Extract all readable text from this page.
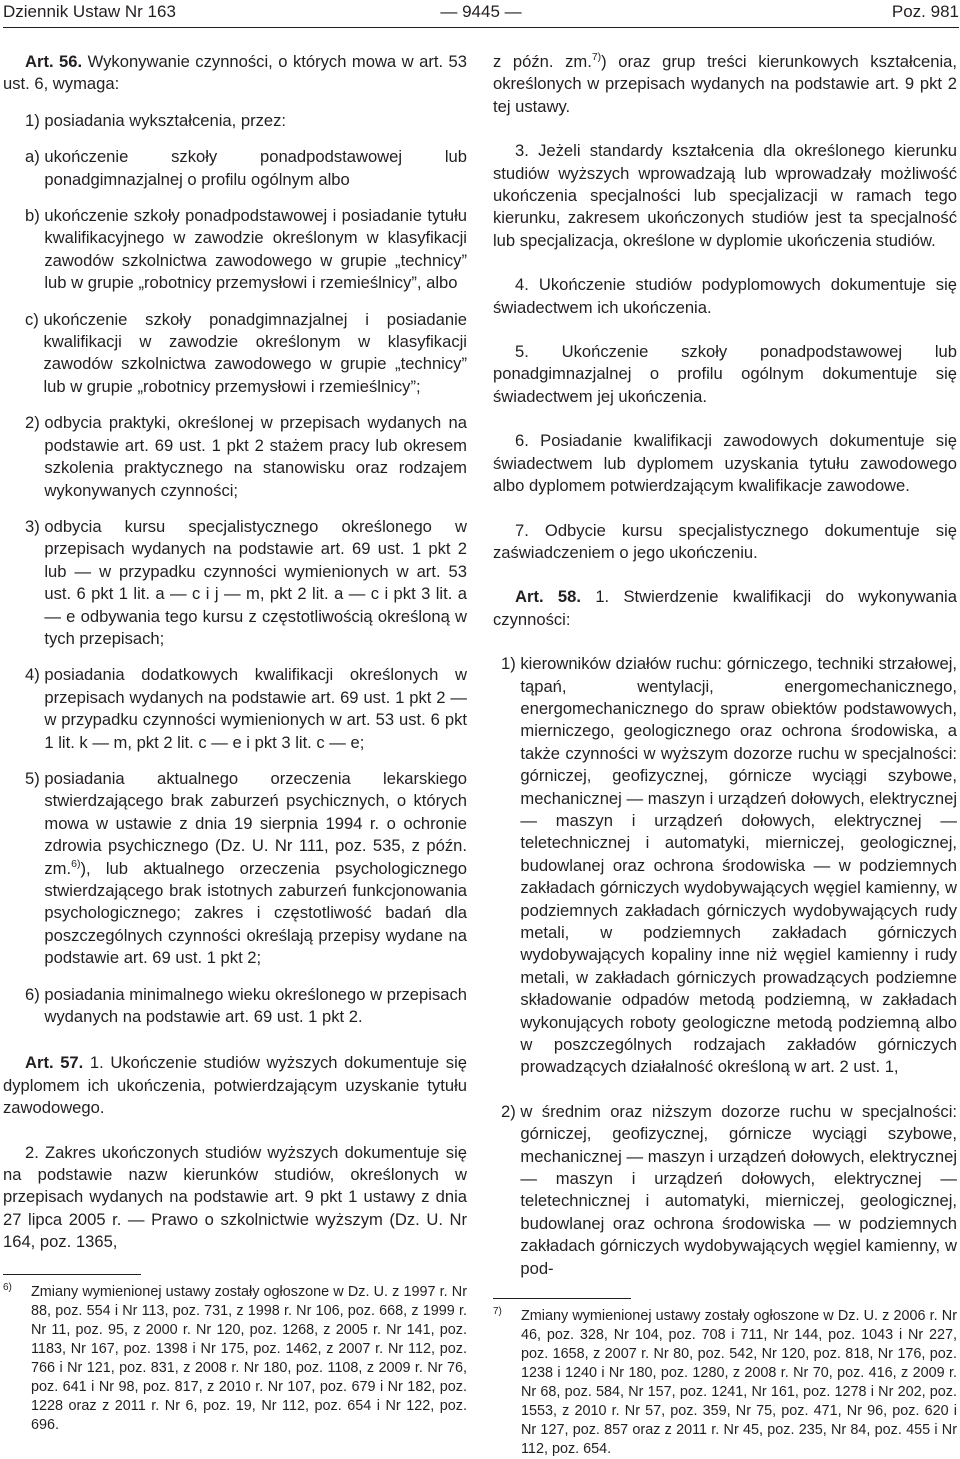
Dziennik Ustaw Nr 163	— 9445 —	Poz. 981

Art. 56. Wykonywanie czynności, o których mowa w art. 53 ust. 6, wymaga:

1) posiadania wykształcenia, przez:
a) ukończenie szkoły ponadpodstawowej lub ponadgimnazjalnej o profilu ogólnym albo
b) ukończenie szkoły ponadpodstawowej i posiadanie tytułu kwalifikacyjnego w zawodzie określonym w klasyfikacji zawodów szkolnictwa zawodowego w grupie „technicy” lub w grupie „robotnicy przemysłowi i rzemieślnicy”, albo
c) ukończenie szkoły ponadgimnazjalnej i posiadanie kwalifikacji w zawodzie określonym w klasyfikacji zawodów szkolnictwa zawodowego w grupie „technicy” lub w grupie „robotnicy przemysłowi i rzemieślnicy”;
2) odbycia praktyki, określonej w przepisach wydanych na podstawie art. 69 ust. 1 pkt 2 stażem pracy lub okresem szkolenia praktycznego na stanowisku oraz rodzajem wykonywanych czynności;
3) odbycia kursu specjalistycznego określonego w przepisach wydanych na podstawie art. 69 ust. 1 pkt 2 lub — w przypadku czynności wymienionych w art. 53 ust. 6 pkt 1 lit. a — c i j — m, pkt 2 lit. a — c i pkt 3 lit. a — e odbywania tego kursu z częstotliwością określoną w tych przepisach;
4) posiadania dodatkowych kwalifikacji określonych w przepisach wydanych na podstawie art. 69 ust. 1 pkt 2 — w przypadku czynności wymienionych w art. 53 ust. 6 pkt 1 lit. k — m, pkt 2 lit. c — e i pkt 3 lit. c — e;
5) posiadania aktualnego orzeczenia lekarskiego stwierdzającego brak zaburzeń psychicznych, o których mowa w ustawie z dnia 19 sierpnia 1994 r. o ochronie zdrowia psychicznego (Dz. U. Nr 111, poz. 535, z późn. zm.$^{6)}$), lub aktualnego orzeczenia psychologicznego stwierdzającego brak istotnych zaburzeń funkcjonowania psychologicznego; zakres i częstotliwość badań dla poszczególnych czynności określają przepisy wydane na podstawie art. 69 ust. 1 pkt 2;
6) posiadania minimalnego wieku określonego w przepisach wydanych na podstawie art. 69 ust. 1 pkt 2.

Art. 57. 1. Ukończenie studiów wyższych dokumentuje się dyplomem ich ukończenia, potwierdzającym uzyskanie tytułu zawodowego.

2. Zakres ukończonych studiów wyższych dokumentuje się na podstawie nazw kierunków studiów, określonych w przepisach wydanych na podstawie art. 9 pkt 1 ustawy z dnia 27 lipca 2005 r. — Prawo o szkolnictwie wyższym (Dz. U. Nr 164, poz. 1365,

6)	Zmiany wymienionej ustawy zostały ogłoszone w Dz. U. z 1997 r. Nr 88, poz. 554 i Nr 113, poz. 731, z 1998 r. Nr 106, poz. 668, z 1999 r. Nr 11, poz. 95, z 2000 r. Nr 120, poz. 1268, z 2005 r. Nr 141, poz. 1183, Nr 167, poz. 1398 i Nr 175, poz. 1462, z 2007 r. Nr 112, poz. 766 i Nr 121, poz. 831, z 2008 r. Nr 180, poz. 1108, z 2009 r. Nr 76, poz. 641 i Nr 98, poz. 817, z 2010 r. Nr 107, poz. 679 i Nr 182, poz. 1228 oraz z 2011 r. Nr 6, poz. 19, Nr 112, poz. 654 i Nr 122, poz. 696.

z późn. zm.$^{7)}$) oraz grup treści kierunkowych kształcenia, określonych w przepisach wydanych na podstawie art. 9 pkt 2 tej ustawy.

3. Jeżeli standardy kształcenia dla określonego kierunku studiów wyższych wprowadzają lub wprowadzały możliwość ukończenia specjalności lub specjalizacji w ramach tego kierunku, zakresem ukończonych studiów jest ta specjalność lub specjalizacja, określone w dyplomie ukończenia studiów.

4. Ukończenie studiów podyplomowych dokumentuje się świadectwem ich ukończenia.

5. Ukończenie szkoły ponadpodstawowej lub ponadgimnazjalnej o profilu ogólnym dokumentuje się świadectwem jej ukończenia.

6. Posiadanie kwalifikacji zawodowych dokumentuje się świadectwem lub dyplomem uzyskania tytułu zawodowego albo dyplomem potwierdzającym kwalifikacje zawodowe.

7. Odbycie kursu specjalistycznego dokumentuje się zaświadczeniem o jego ukończeniu.

Art. 58. 1. Stwierdzenie kwalifikacji do wykonywania czynności:

1) kierowników działów ruchu: górniczego, techniki strzałowej, tąpań, wentylacji, energomechanicznego, energomechanicznego do spraw obiektów podstawowych, mierniczego, geologicznego oraz ochrona środowiska, a także czynności w wyższym dozorze ruchu w specjalności: górniczej, geofizycznej, górnicze wyciągi szybowe, mechanicznej — maszyn i urządzeń dołowych, elektrycznej — maszyn i urządzeń dołowych, elektrycznej — teletechnicznej i automatyki, mierniczej, geologicznej, budowlanej oraz ochrona środowiska — w podziemnych zakładach górniczych wydobywających węgiel kamienny, w podziemnych zakładach górniczych wydobywających rudy metali, w podziemnych zakładach górniczych wydobywających kopaliny inne niż węgiel kamienny i rudy metali, w zakładach górniczych prowadzących podziemne składowanie odpadów metodą podziemną, w zakładach wykonujących roboty geologiczne metodą podziemną albo w poszczególnych rodzajach zakładów górniczych prowadzących działalność określoną w art. 2 ust. 1,
2) w średnim oraz niższym dozorze ruchu w specjalności: górniczej, geofizycznej, górnicze wyciągi szybowe, mechanicznej — maszyn i urządzeń dołowych, elektrycznej — maszyn i urządzeń dołowych, elektrycznej — teletechnicznej i automatyki, mierniczej, geologicznej, budowlanej oraz ochrona środowiska — w podziemnych zakładach górniczych wydobywających węgiel kamienny, w pod-
7)	Zmiany wymienionej ustawy zostały ogłoszone w Dz. U. z 2006 r. Nr 46, poz. 328, Nr 104, poz. 708 i 711, Nr 144, poz. 1043 i Nr 227, poz. 1658, z 2007 r. Nr 80, poz. 542, Nr 120, poz. 818, Nr 176, poz. 1238 i 1240 i Nr 180, poz. 1280, z 2008 r. Nr 70, poz. 416, z 2009 r. Nr 68, poz. 584, Nr 157, poz. 1241, Nr 161, poz. 1278 i Nr 202, poz. 1553, z 2010 r. Nr 57, poz. 359, Nr 75, poz. 471, Nr 96, poz. 620 i Nr 127, poz. 857 oraz z 2011 r. Nr 45, poz. 235, Nr 84, poz. 455 i Nr 112, poz. 654.
